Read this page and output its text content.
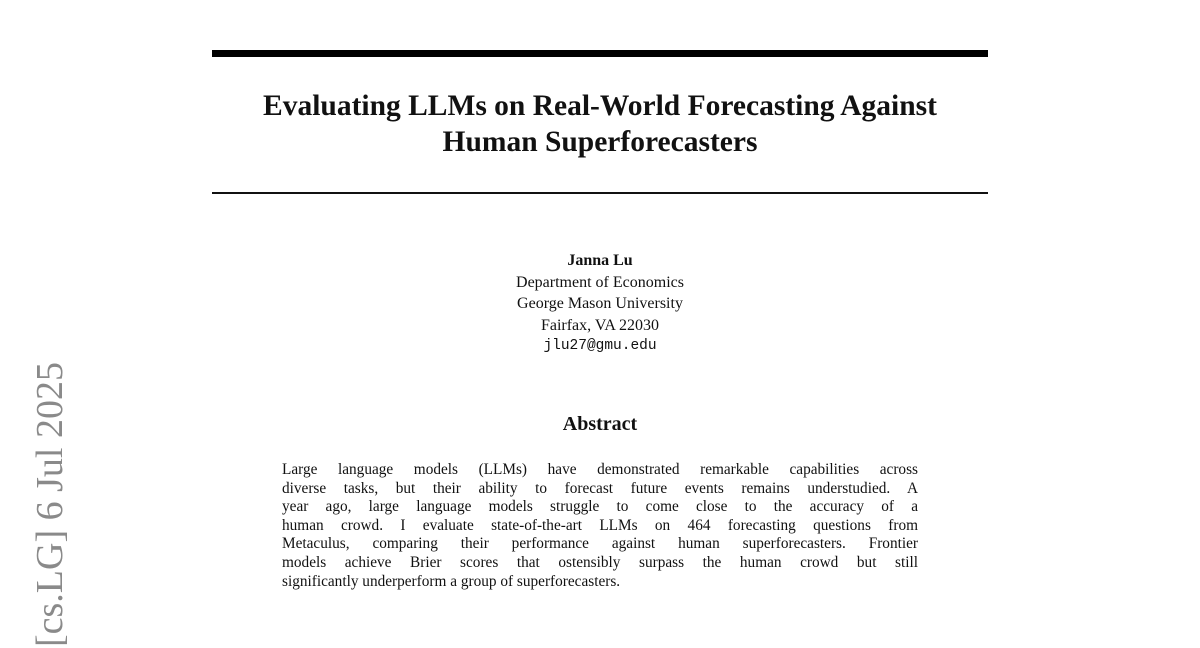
Evaluating LLMs on Real-World Forecasting Against
Human Superforecasters
Janna Lu
Department of Economics
George Mason University
Fairfax, VA 22030
jlu27@gmu.edu
Abstract
Large language models (LLMs) have demonstrated remarkable capabilities across
diverse tasks, but their ability to forecast future events remains understudied. A
year ago, large language models struggle to come close to the accuracy of a
human crowd. I evaluate state-of-the-art LLMs on 464 forecasting questions from
Metaculus, comparing their performance against human superforecasters. Frontier
models achieve Brier scores that ostensibly surpass the human crowd but still
significantly underperform a group of superforecasters.
[cs.LG] 6 Jul 2025
